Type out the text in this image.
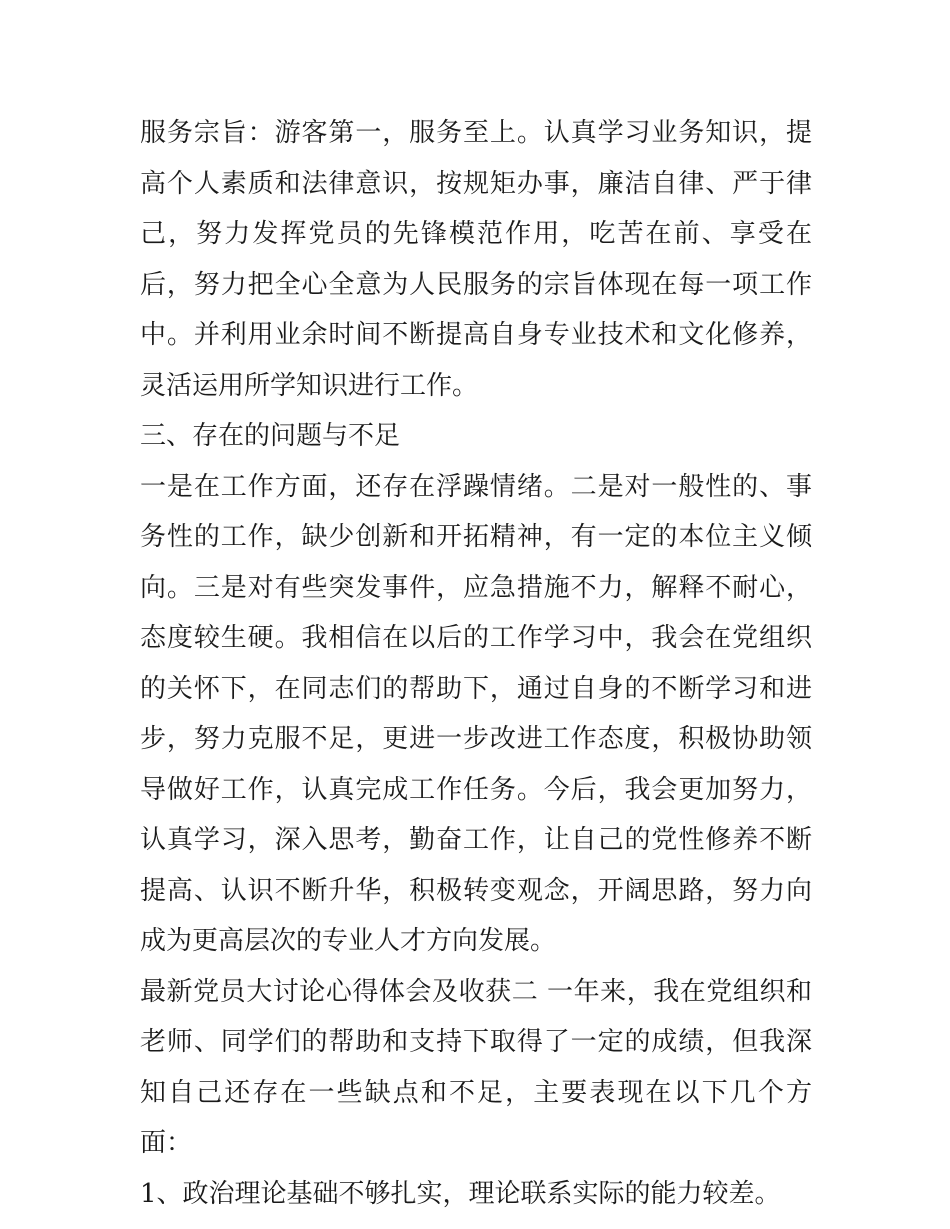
服务宗旨：游客第一，服务至上。认真学习业务知识，提高个人素质和法律意识，按规矩办事，廉洁自律、严于律己，努力发挥党员的先锋模范作用，吃苦在前、享受在后，努力把全心全意为人民服务的宗旨体现在每一项工作中。并利用业余时间不断提高自身专业技术和文化修养，灵活运用所学知识进行工作。

三、存在的问题与不足

一是在工作方面，还存在浮躁情绪。二是对一般性的、事务性的工作，缺少创新和开拓精神，有一定的本位主义倾向。三是对有些突发事件，应急措施不力，解释不耐心，态度较生硬。我相信在以后的工作学习中，我会在党组织的关怀下，在同志们的帮助下，通过自身的不断学习和进步，努力克服不足，更进一步改进工作态度，积极协助领导做好工作，认真完成工作任务。今后，我会更加努力，认真学习，深入思考，勤奋工作，让自己的党性修养不断提高、认识不断升华，积极转变观念，开阔思路，努力向成为更高层次的专业人才方向发展。

最新党员大讨论心得体会及收获二 一年来，我在党组织和老师、同学们的帮助和支持下取得了一定的成绩，但我深知自己还存在一些缺点和不足，主要表现在以下几个方面：

1、政治理论基础不够扎实，理论联系实际的能力较差。
